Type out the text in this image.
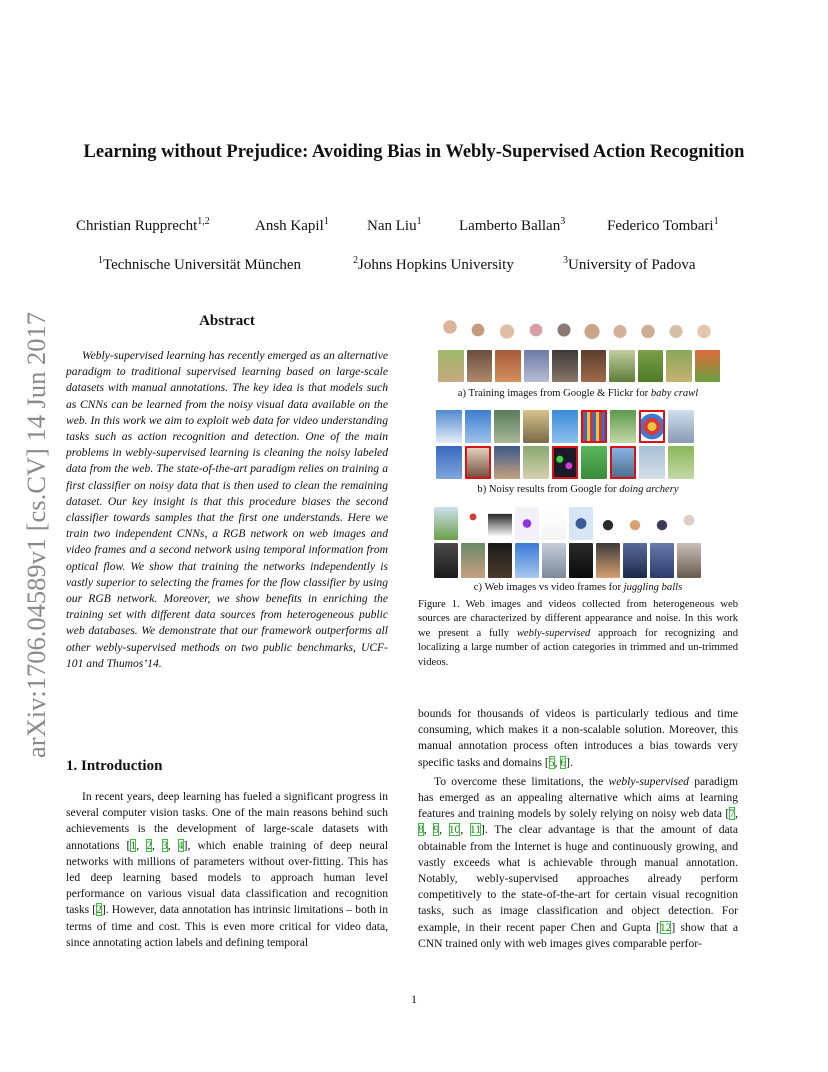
arXiv:1706.04589v1 [cs.CV] 14 Jun 2017
Learning without Prejudice: Avoiding Bias in Webly-Supervised Action Recognition
Christian Rupprecht$^{1,2}$	Ansh Kapil$^1$	Nan Liu$^1$ Lamberto Ballan$^3$	Federico Tombari$^1$
$^1$Technische Universität München	$^2$Johns Hopkins University	$^3$University of Padova
Abstract

Webly-supervised learning has recently emerged as an alternative paradigm to traditional supervised learning based on large-scale datasets with manual annotations. The key idea is that models such as CNNs can be learned from the noisy visual data available on the web. In this work we aim to exploit web data for video understanding tasks such as action recognition and detection. One of the main problems in webly-supervised learning is cleaning the noisy labeled data from the web. The state-of-the-art paradigm relies on training a first classifier on noisy data that is then used to clean the remaining dataset. Our key insight is that this procedure biases the second classifier towards samples that the first one understands. Here we train two independent CNNs, a RGB network on web images and video frames and a second network using temporal information from optical flow. We show that training the networks independently is vastly superior to selecting the frames for the flow classifier by using our RGB network. Moreover, we show benefits in enriching the training set with different data sources from heterogeneous public web databases. We demonstrate that our framework outperforms all other webly-supervised methods on two public benchmarks, UCF-101 and Thumos’14.

1. Introduction

In recent years, deep learning has fueled a significant progress in several computer vision tasks. One of the main reasons behind such achievements is the development of large-scale datasets with annotations [1, 2, 3, 4], which enable training of deep neural networks with millions of parameters without over-fitting. This has led deep learning based models to approach human level performance on various visual data classification and recognition tasks [2]. However, data annotation has intrinsic limitations – both in terms of time and cost. This is even more critical for video data, since annotating action labels and defining temporal

a) Training images from Google & Flickr for baby crawl
b) Noisy results from Google for doing archery
c) Web images vs video frames for juggling balls

Figure 1. Web images and videos collected from heterogeneous web sources are characterized by different appearance and noise. In this work we present a fully webly-supervised approach for recognizing and localizing a large number of action categories in trimmed and un-trimmed videos.

bounds for thousands of videos is particularly tedious and time consuming, which makes it a non-scalable solution. Moreover, this manual annotation process often introduces a bias towards very specific tasks and domains [5, 6].

To overcome these limitations, the webly-supervised paradigm has emerged as an appealing alternative which aims at learning features and training models by solely relying on noisy web data [7, 8, 9, 10, 11]. The clear advantage is that the amount of data obtainable from the Internet is huge and continuously growing, and vastly exceeds what is achievable through manual annotation. Notably, webly-supervised approaches already perform competitively to the state-of-the-art for certain visual recognition tasks, such as image classification and object detection. For example, in their recent paper Chen and Gupta [12] show that a CNN trained only with web images gives comparable perfor-

1
